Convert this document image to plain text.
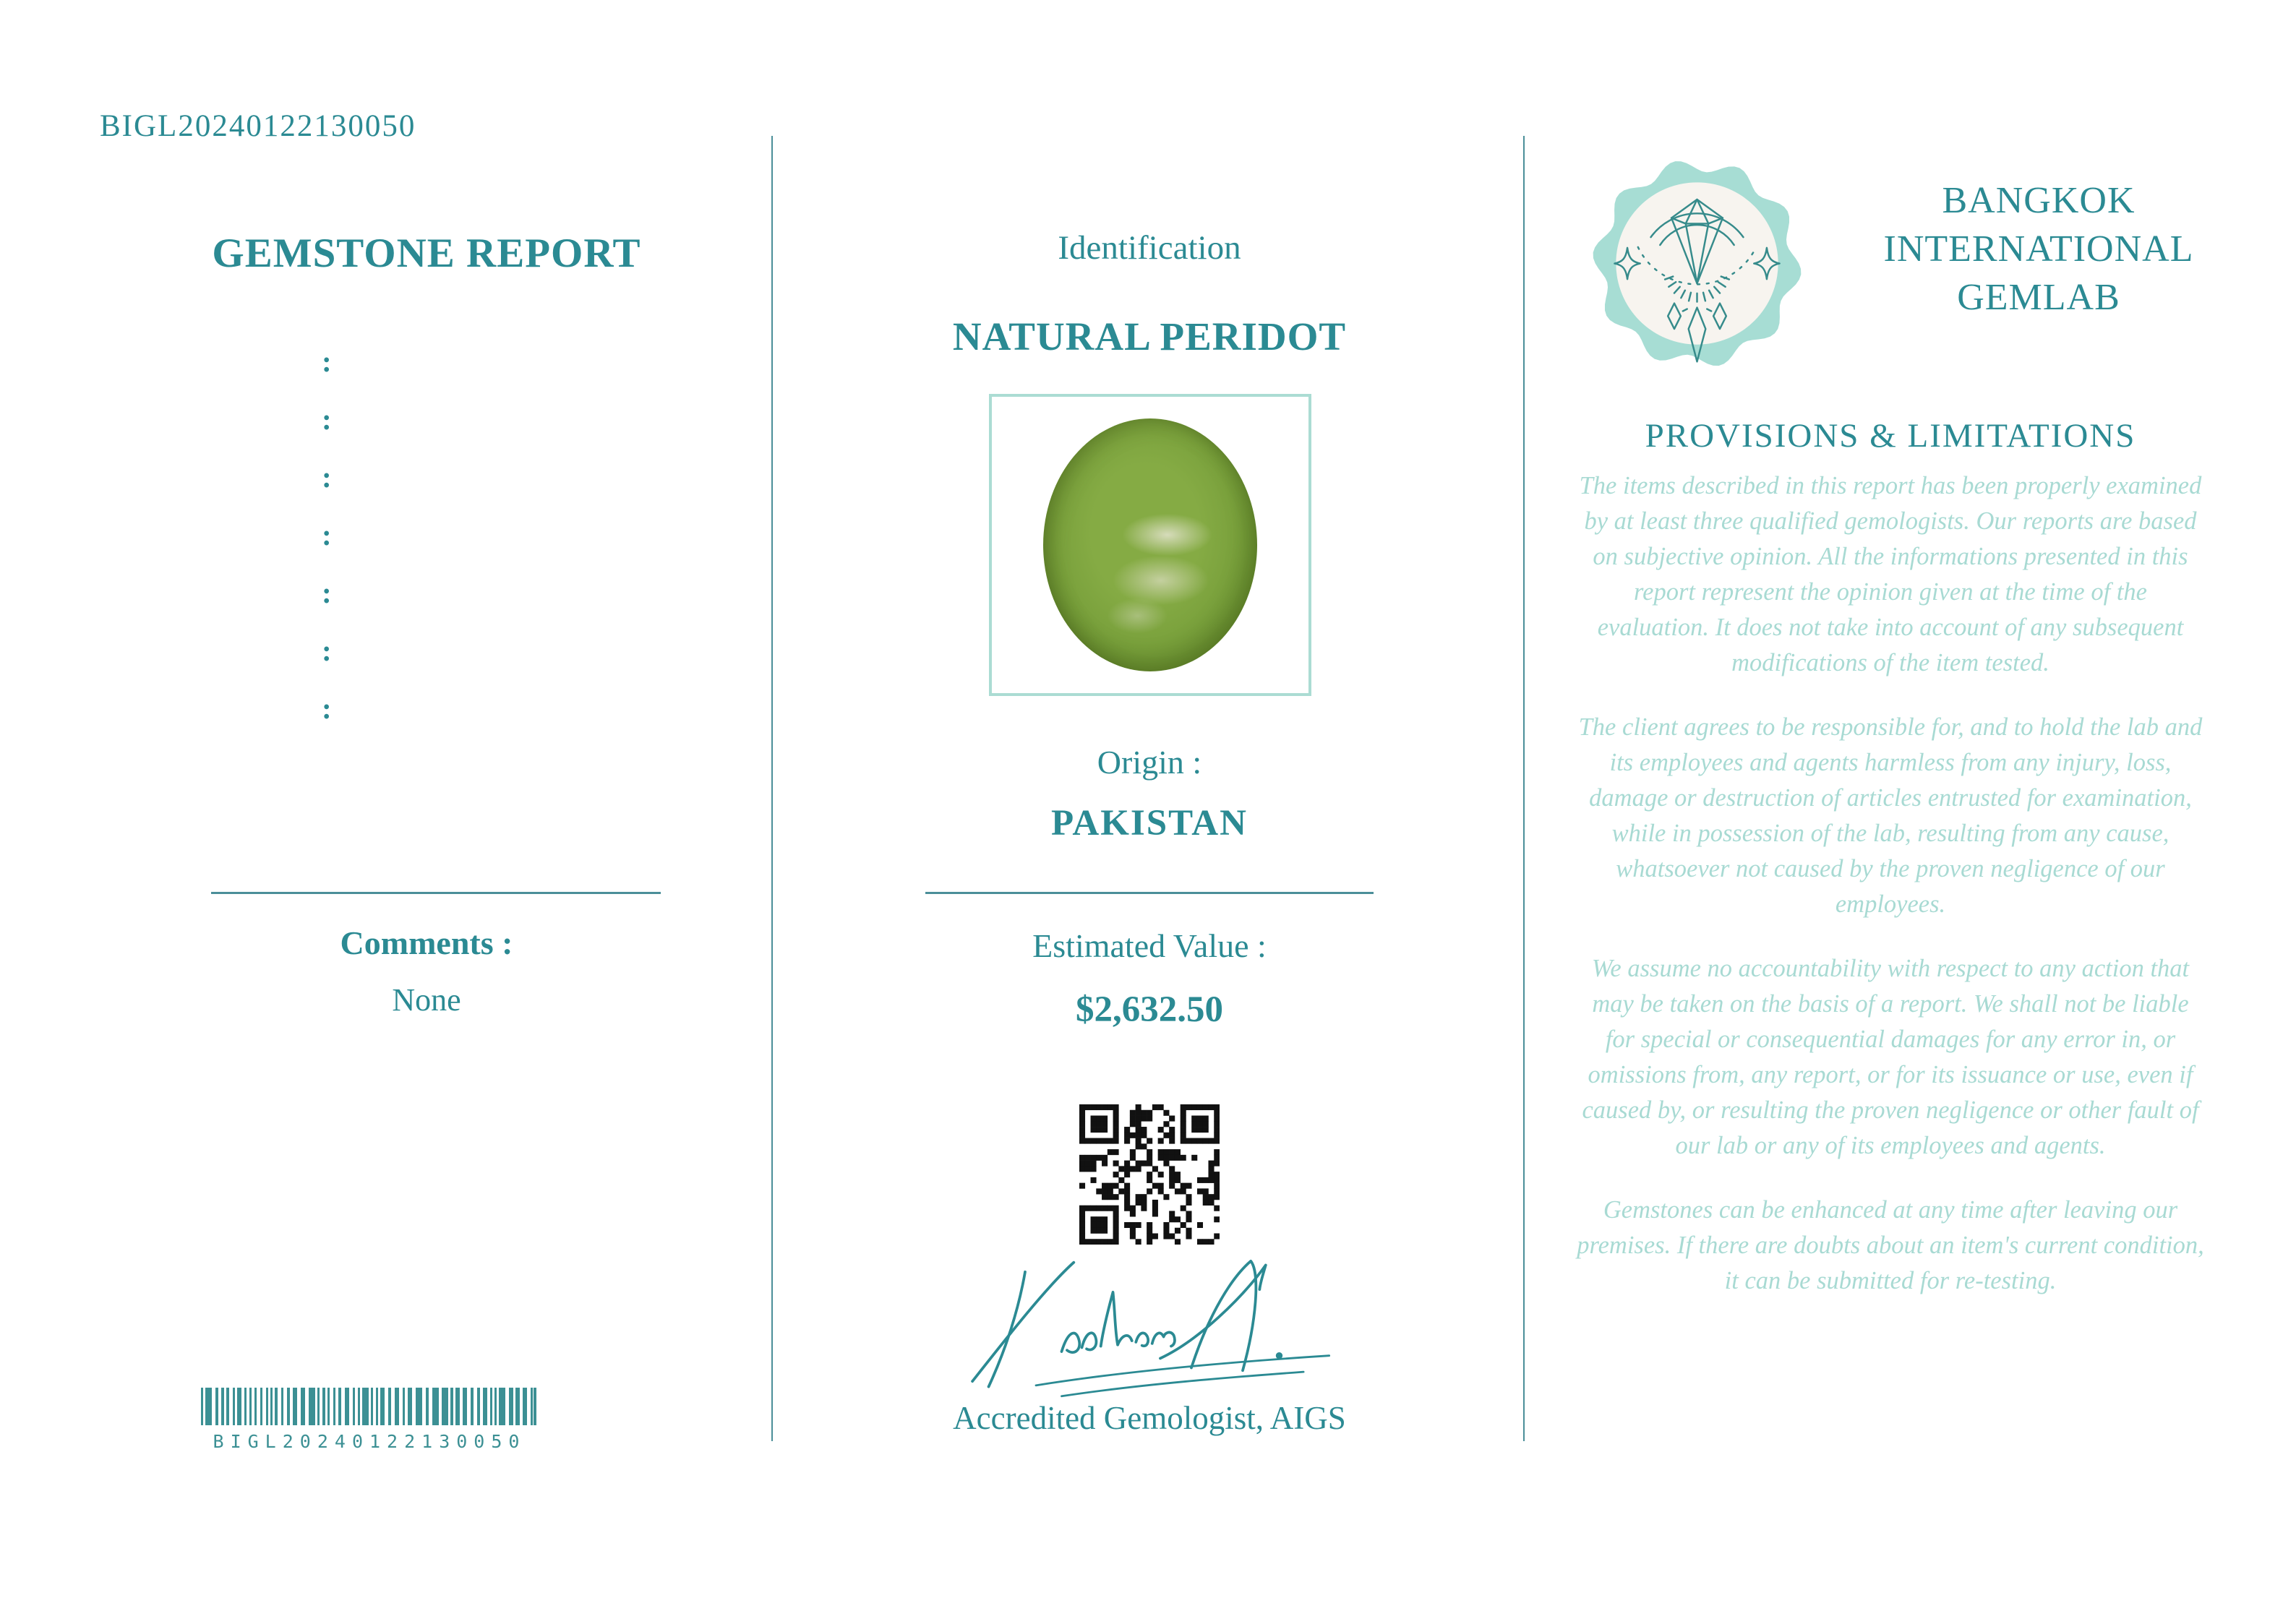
BIGL20240122130050
GEMSTONE REPORT
:
:
:
:
:
:
:
Comments :
None
BIGL20240122130050
Identification
NATURAL PERIDOT
Origin :
PAKISTAN
Estimated Value :
$2,632.50
Accredited Gemologist, AIGS
BANGKOK
INTERNATIONAL
GEMLAB
PROVISIONS & LIMITATIONS
The items described in this report has been properly examined by at least three qualified gemologists. Our reports are based on subjective opinion. All the informations presented in this report represent the opinion given at the time of the evaluation. It does not take into account of any subsequent modifications of the item tested.
The client agrees to be responsible for, and to hold the lab and its employees and agents harmless from any injury, loss, damage or destruction of articles entrusted for examination, while in possession of the lab, resulting from any cause, whatsoever not caused by the proven negligence of our employees.
We assume no accountability with respect to any action that may be taken on the basis of a report. We shall not be liable for special or consequential damages for any error in, or omissions from, any report, or for its issuance or use, even if caused by, or resulting the proven negligence or other fault of our lab or any of its employees and agents.
Gemstones can be enhanced at any time after leaving our premises. If there are doubts about an item's current condition, it can be submitted for re-testing.
